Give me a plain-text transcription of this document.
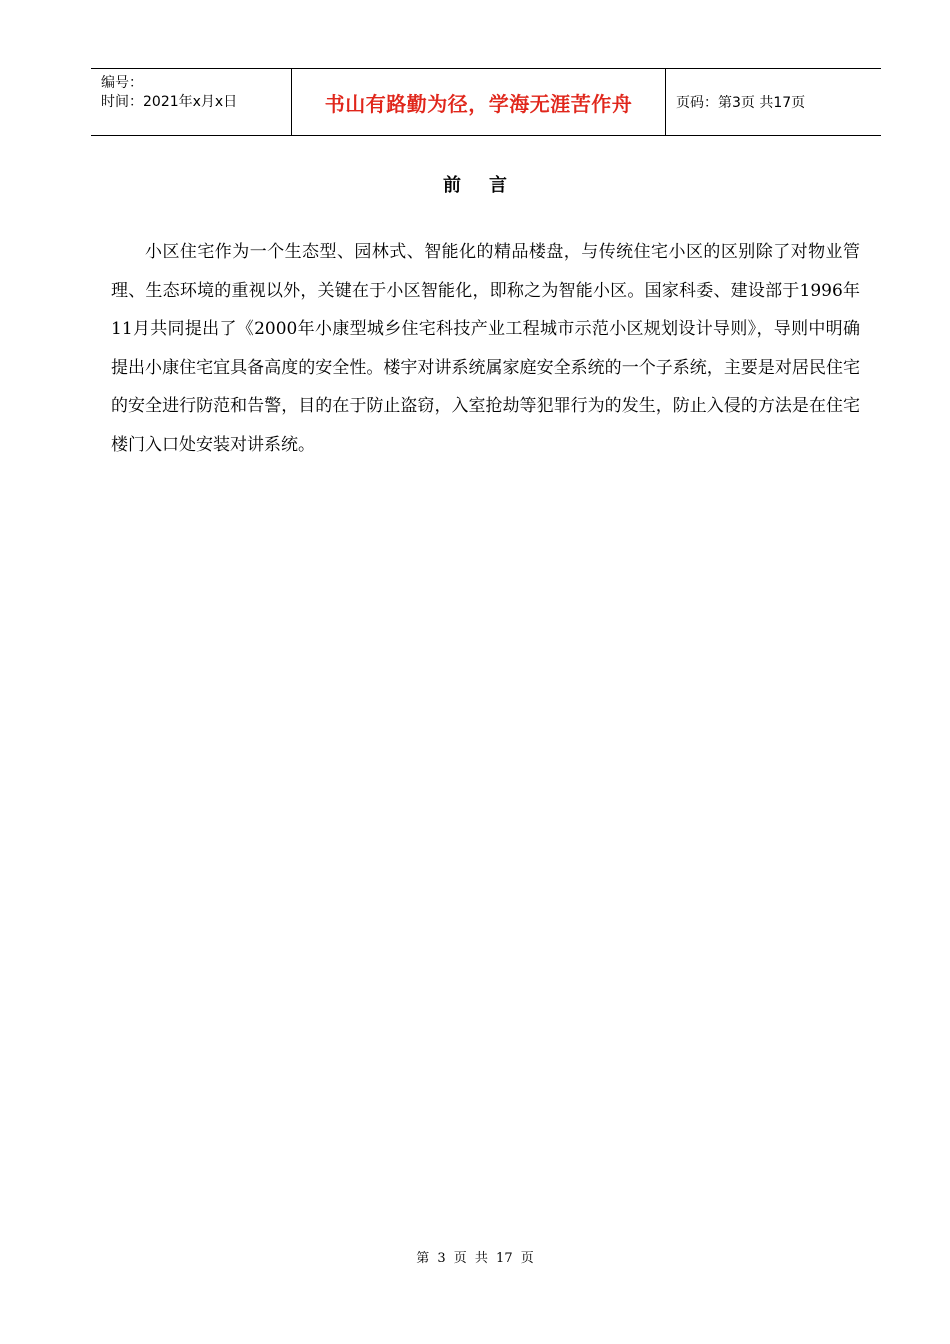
编号：
时间：2021年x月x日	书山有路勤为径，学海无涯苦作舟	页码：第3页 共17页
前言

小区住宅作为一个生态型、园林式、智能化的精品楼盘，与传统住宅小区的区别除了对物业管理、生态环境的重视以外，关键在于小区智能化，即称之为智能小区。国家科委、建设部于1996年11月共同提出了《2000年小康型城乡住宅科技产业工程城市示范小区规划设计导则》，导则中明确提出小康住宅宜具备高度的安全性。楼宇对讲系统属家庭安全系统的一个子系统，主要是对居民住宅的安全进行防范和告警，目的在于防止盗窃，入室抢劫等犯罪行为的发生，防止入侵的方法是在住宅楼门入口处安装对讲系统。

第 3 页 共 17 页
